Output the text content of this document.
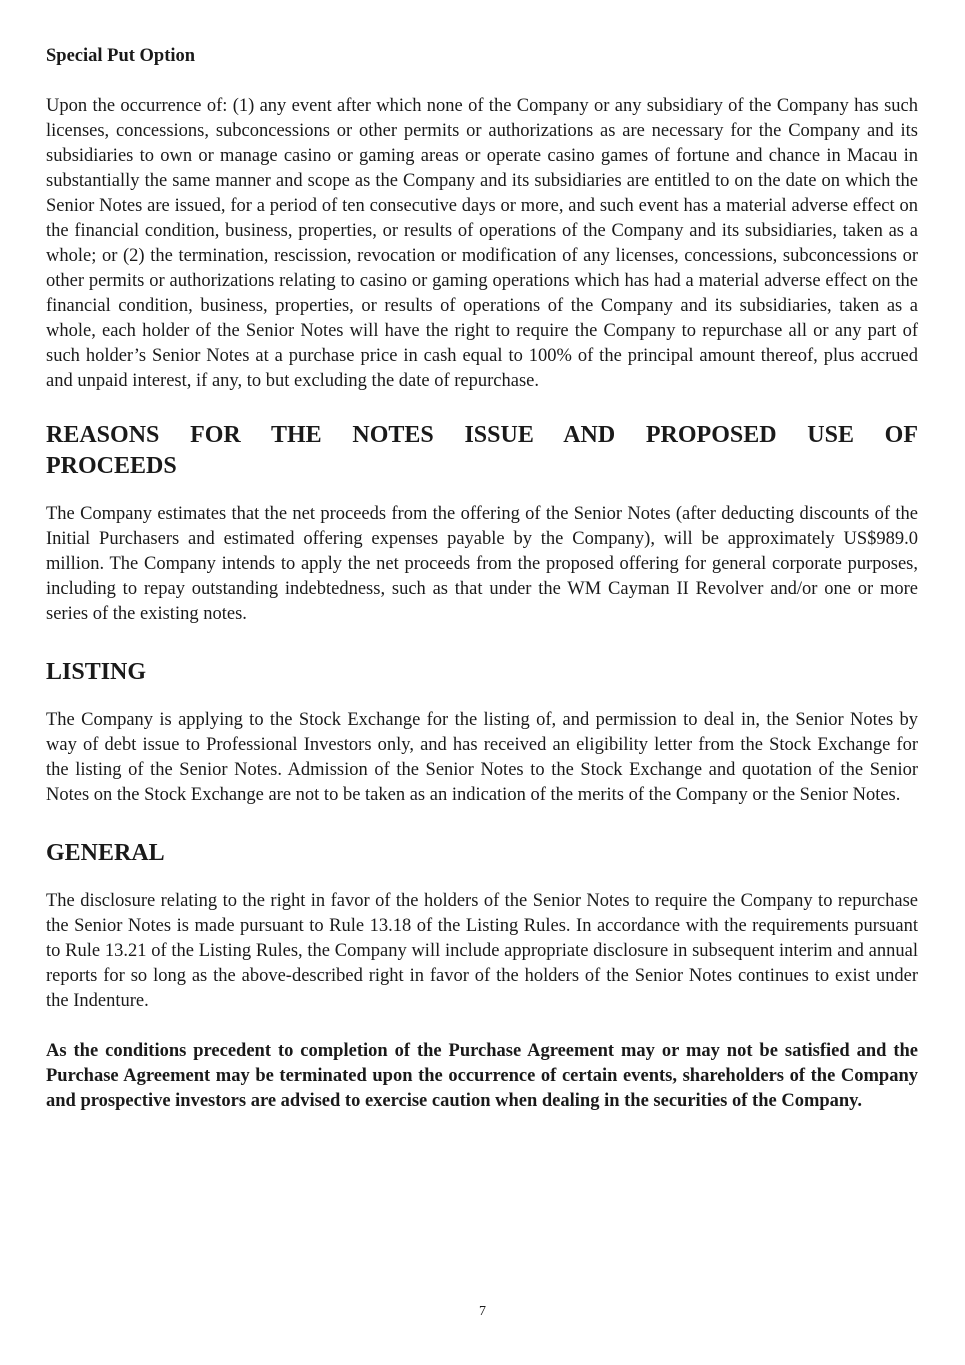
Special Put Option

Upon the occurrence of: (1) any event after which none of the Company or any subsidiary of the Company has such licenses, concessions, subconcessions or other permits or authorizations as are necessary for the Company and its subsidiaries to own or manage casino or gaming areas or operate casino games of fortune and chance in Macau in substantially the same manner and scope as the Company and its subsidiaries are entitled to on the date on which the Senior Notes are issued, for a period of ten consecutive days or more, and such event has a material adverse effect on the financial condition, business, properties, or results of operations of the Company and its subsidiaries, taken as a whole; or (2) the termination, rescission, revocation or modification of any licenses, concessions, subconcessions or other permits or authorizations relating to casino or gaming operations which has had a material adverse effect on the financial condition, business, properties, or results of operations of the Company and its subsidiaries, taken as a whole, each holder of the Senior Notes will have the right to require the Company to repurchase all or any part of such holder’s Senior Notes at a purchase price in cash equal to 100% of the principal amount thereof, plus accrued and unpaid interest, if any, to but excluding the date of repurchase.

REASONS FOR THE NOTES ISSUE AND PROPOSED USE OF PROCEEDS

The Company estimates that the net proceeds from the offering of the Senior Notes (after deducting discounts of the Initial Purchasers and estimated offering expenses payable by the Company), will be approximately US$989.0 million. The Company intends to apply the net proceeds from the proposed offering for general corporate purposes, including to repay outstanding indebtedness, such as that under the WM Cayman II Revolver and/or one or more series of the existing notes.

LISTING

The Company is applying to the Stock Exchange for the listing of, and permission to deal in, the Senior Notes by way of debt issue to Professional Investors only, and has received an eligibility letter from the Stock Exchange for the listing of the Senior Notes. Admission of the Senior Notes to the Stock Exchange and quotation of the Senior Notes on the Stock Exchange are not to be taken as an indication of the merits of the Company or the Senior Notes.

GENERAL

The disclosure relating to the right in favor of the holders of the Senior Notes to require the Company to repurchase the Senior Notes is made pursuant to Rule 13.18 of the Listing Rules. In accordance with the requirements pursuant to Rule 13.21 of the Listing Rules, the Company will include appropriate disclosure in subsequent interim and annual reports for so long as the above-described right in favor of the holders of the Senior Notes continues to exist under the Indenture.

As the conditions precedent to completion of the Purchase Agreement may or may not be satisfied and the Purchase Agreement may be terminated upon the occurrence of certain events, shareholders of the Company and prospective investors are advised to exercise caution when dealing in the securities of the Company.

7
